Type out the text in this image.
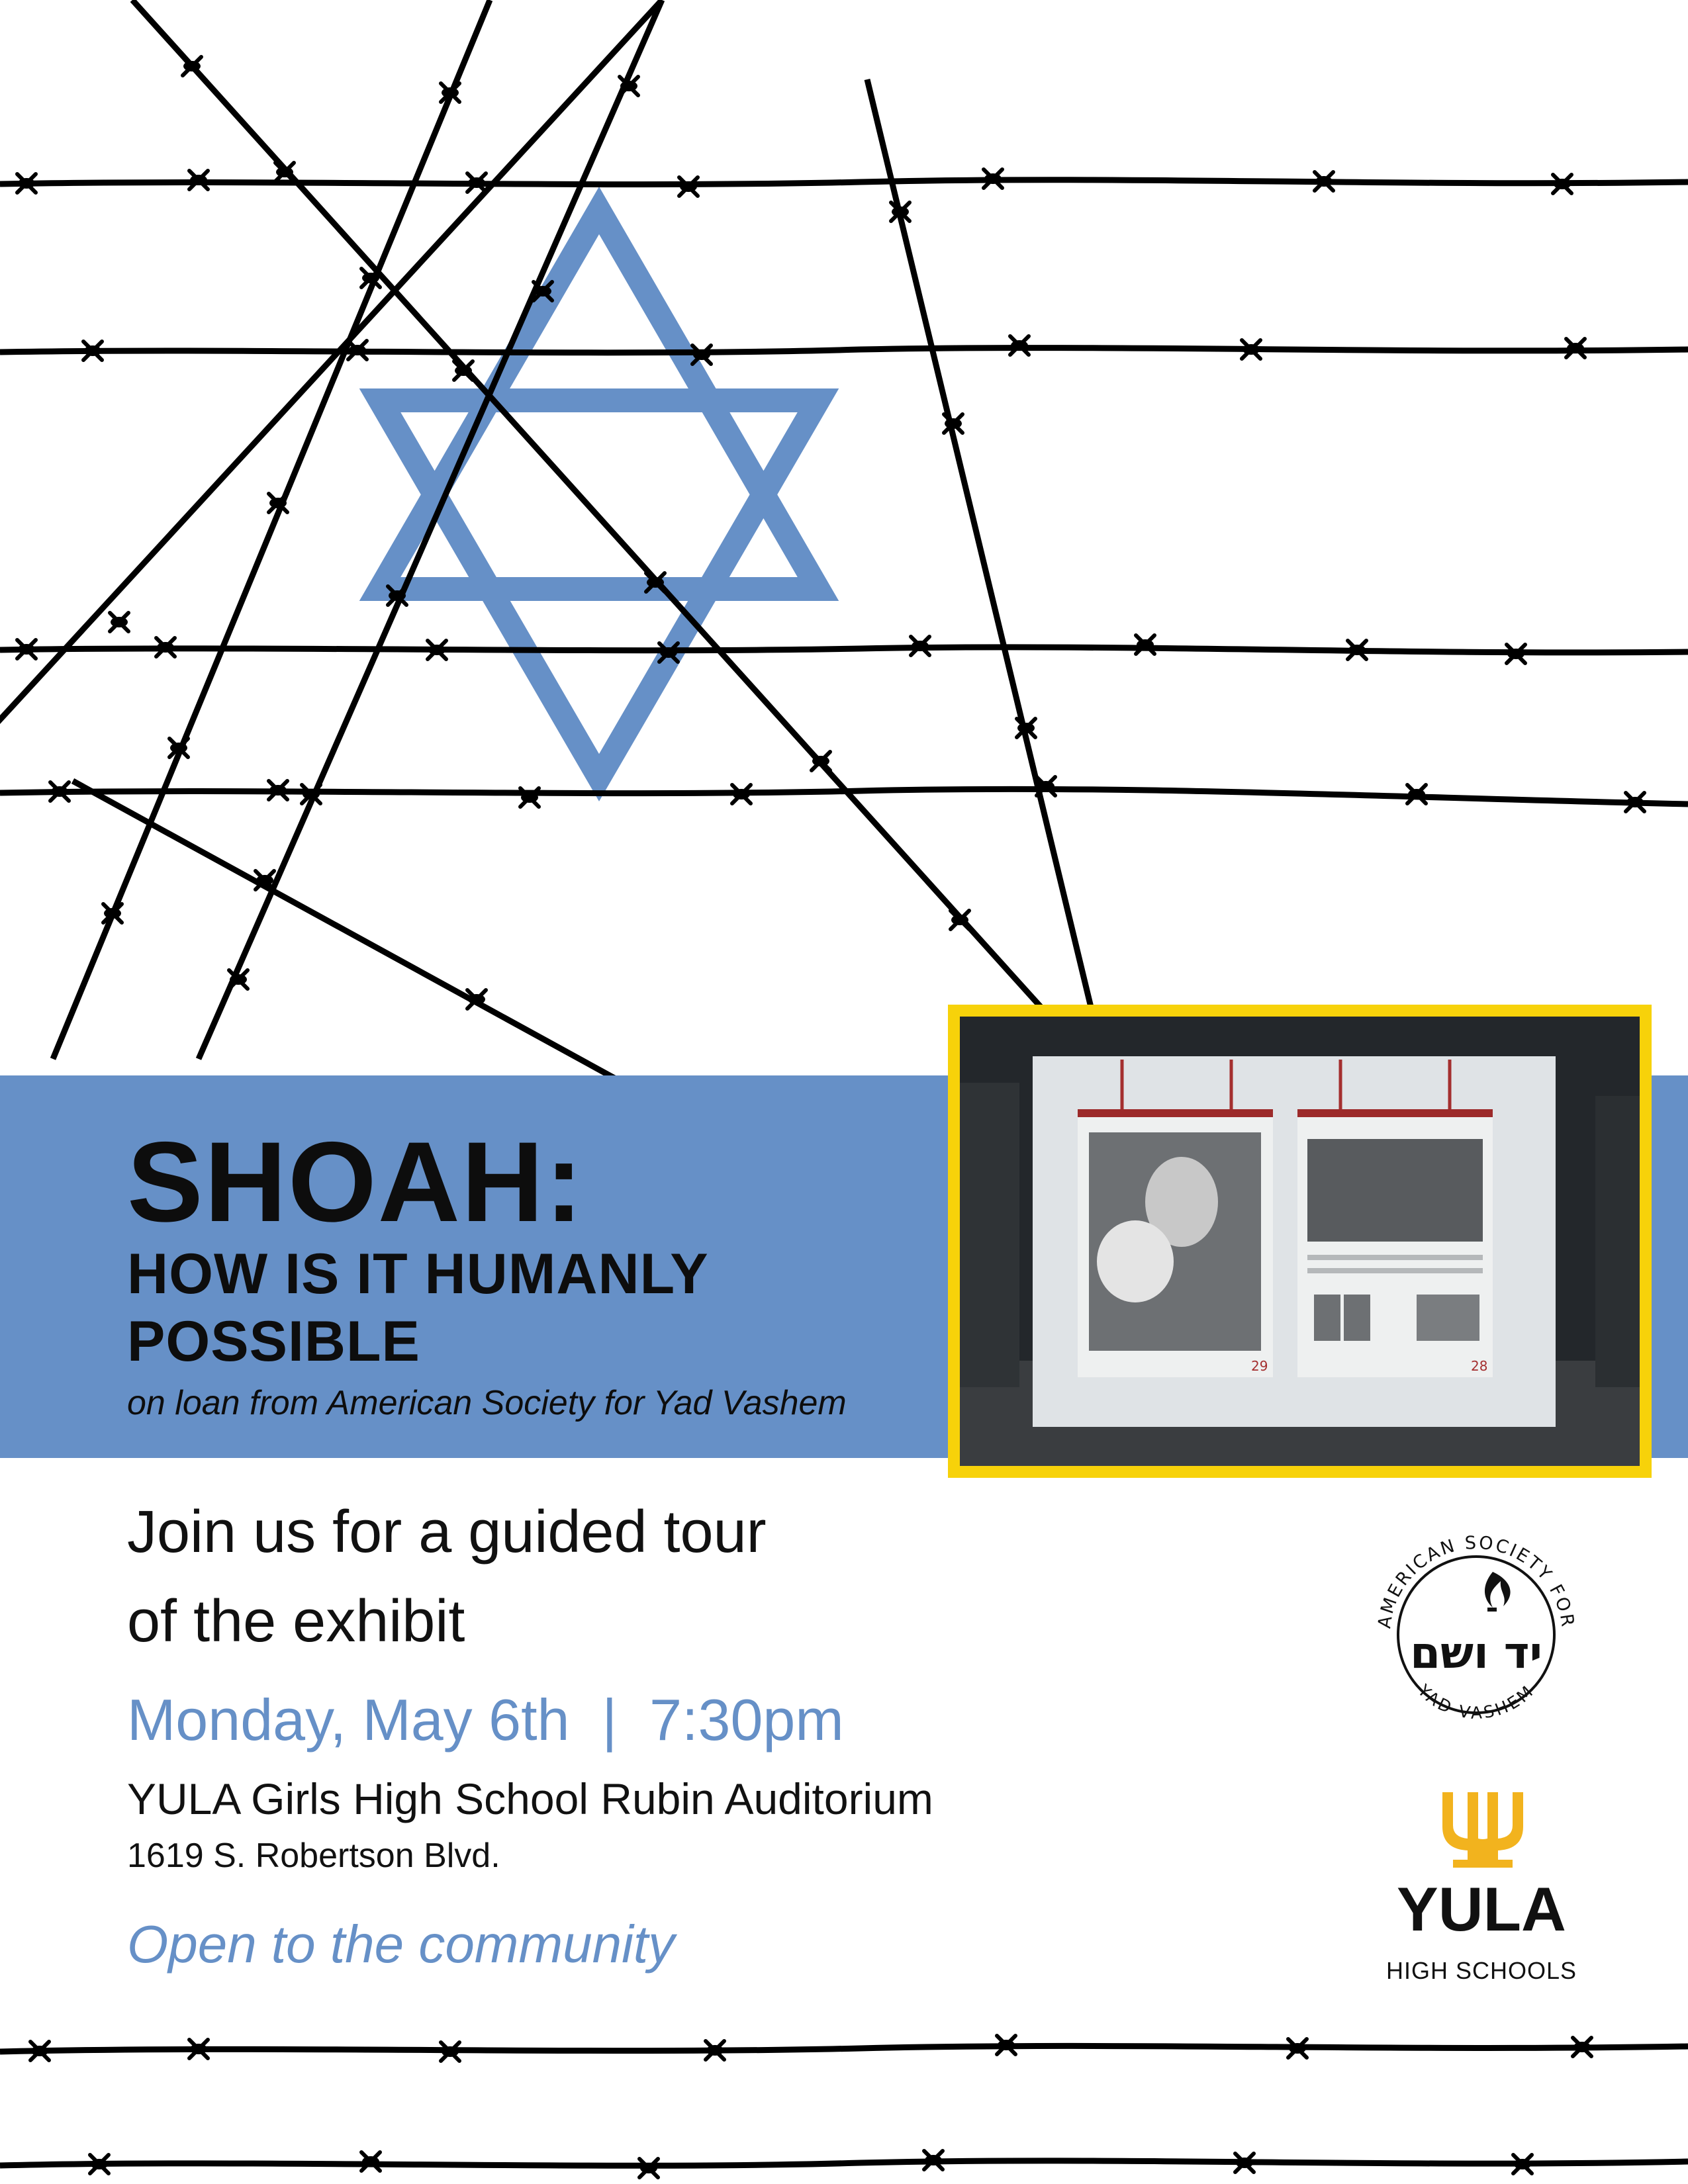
SHOAH:
HOW IS IT HUMANLY
POSSIBLE
on loan from American Society for Yad Vashem
29	28
Join us for a guided tour
of the exhibit
Monday, May 6th  |  7:30pm
YULA Girls High School Rubin Auditorium
1619 S. Robertson Blvd.
Open to the community
AMERICAN SOCIETY FOR
YAD VASHEM
יד ושם
YULA
HIGH SCHOOLS
